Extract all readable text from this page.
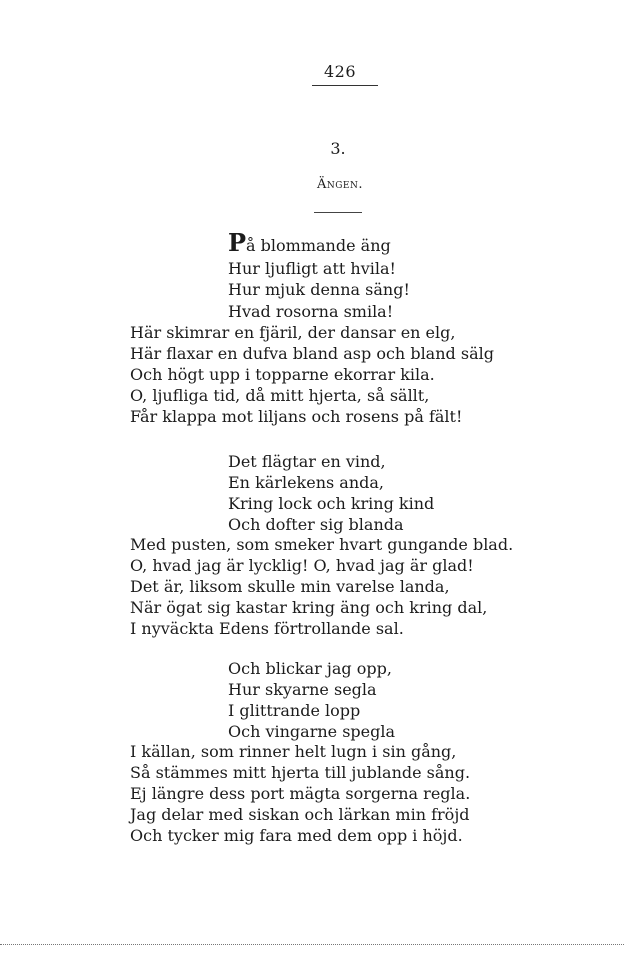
426
3.
Ängen.
På blommande äng
Hur ljufligt att hvila!
Hur mjuk denna säng!
Hvad rosorna smila!
Här skimrar en fjäril, der dansar en elg,
Här flaxar en dufva bland asp och bland sälg
Och högt upp i topparne ekorrar kila.
O, ljufliga tid, då mitt hjerta, så sällt,
Får klappa mot liljans och rosens på fält!
Det flägtar en vind,
En kärlekens anda,
Kring lock och kring kind
Och dofter sig blanda
Med pusten, som smeker hvart gungande blad.
O, hvad jag är lycklig! O, hvad jag är glad!
Det är, liksom skulle min varelse landa,
När ögat sig kastar kring äng och kring dal,
I nyväckta Edens förtrollande sal.
Och blickar jag opp,
Hur skyarne segla
I glittrande lopp
Och vingarne spegla
I källan, som rinner helt lugn i sin gång,
Så stämmes mitt hjerta till jublande sång.
Ej längre dess port mägta sorgerna regla.
Jag delar med siskan och lärkan min fröjd
Och tycker mig fara med dem opp i höjd.
